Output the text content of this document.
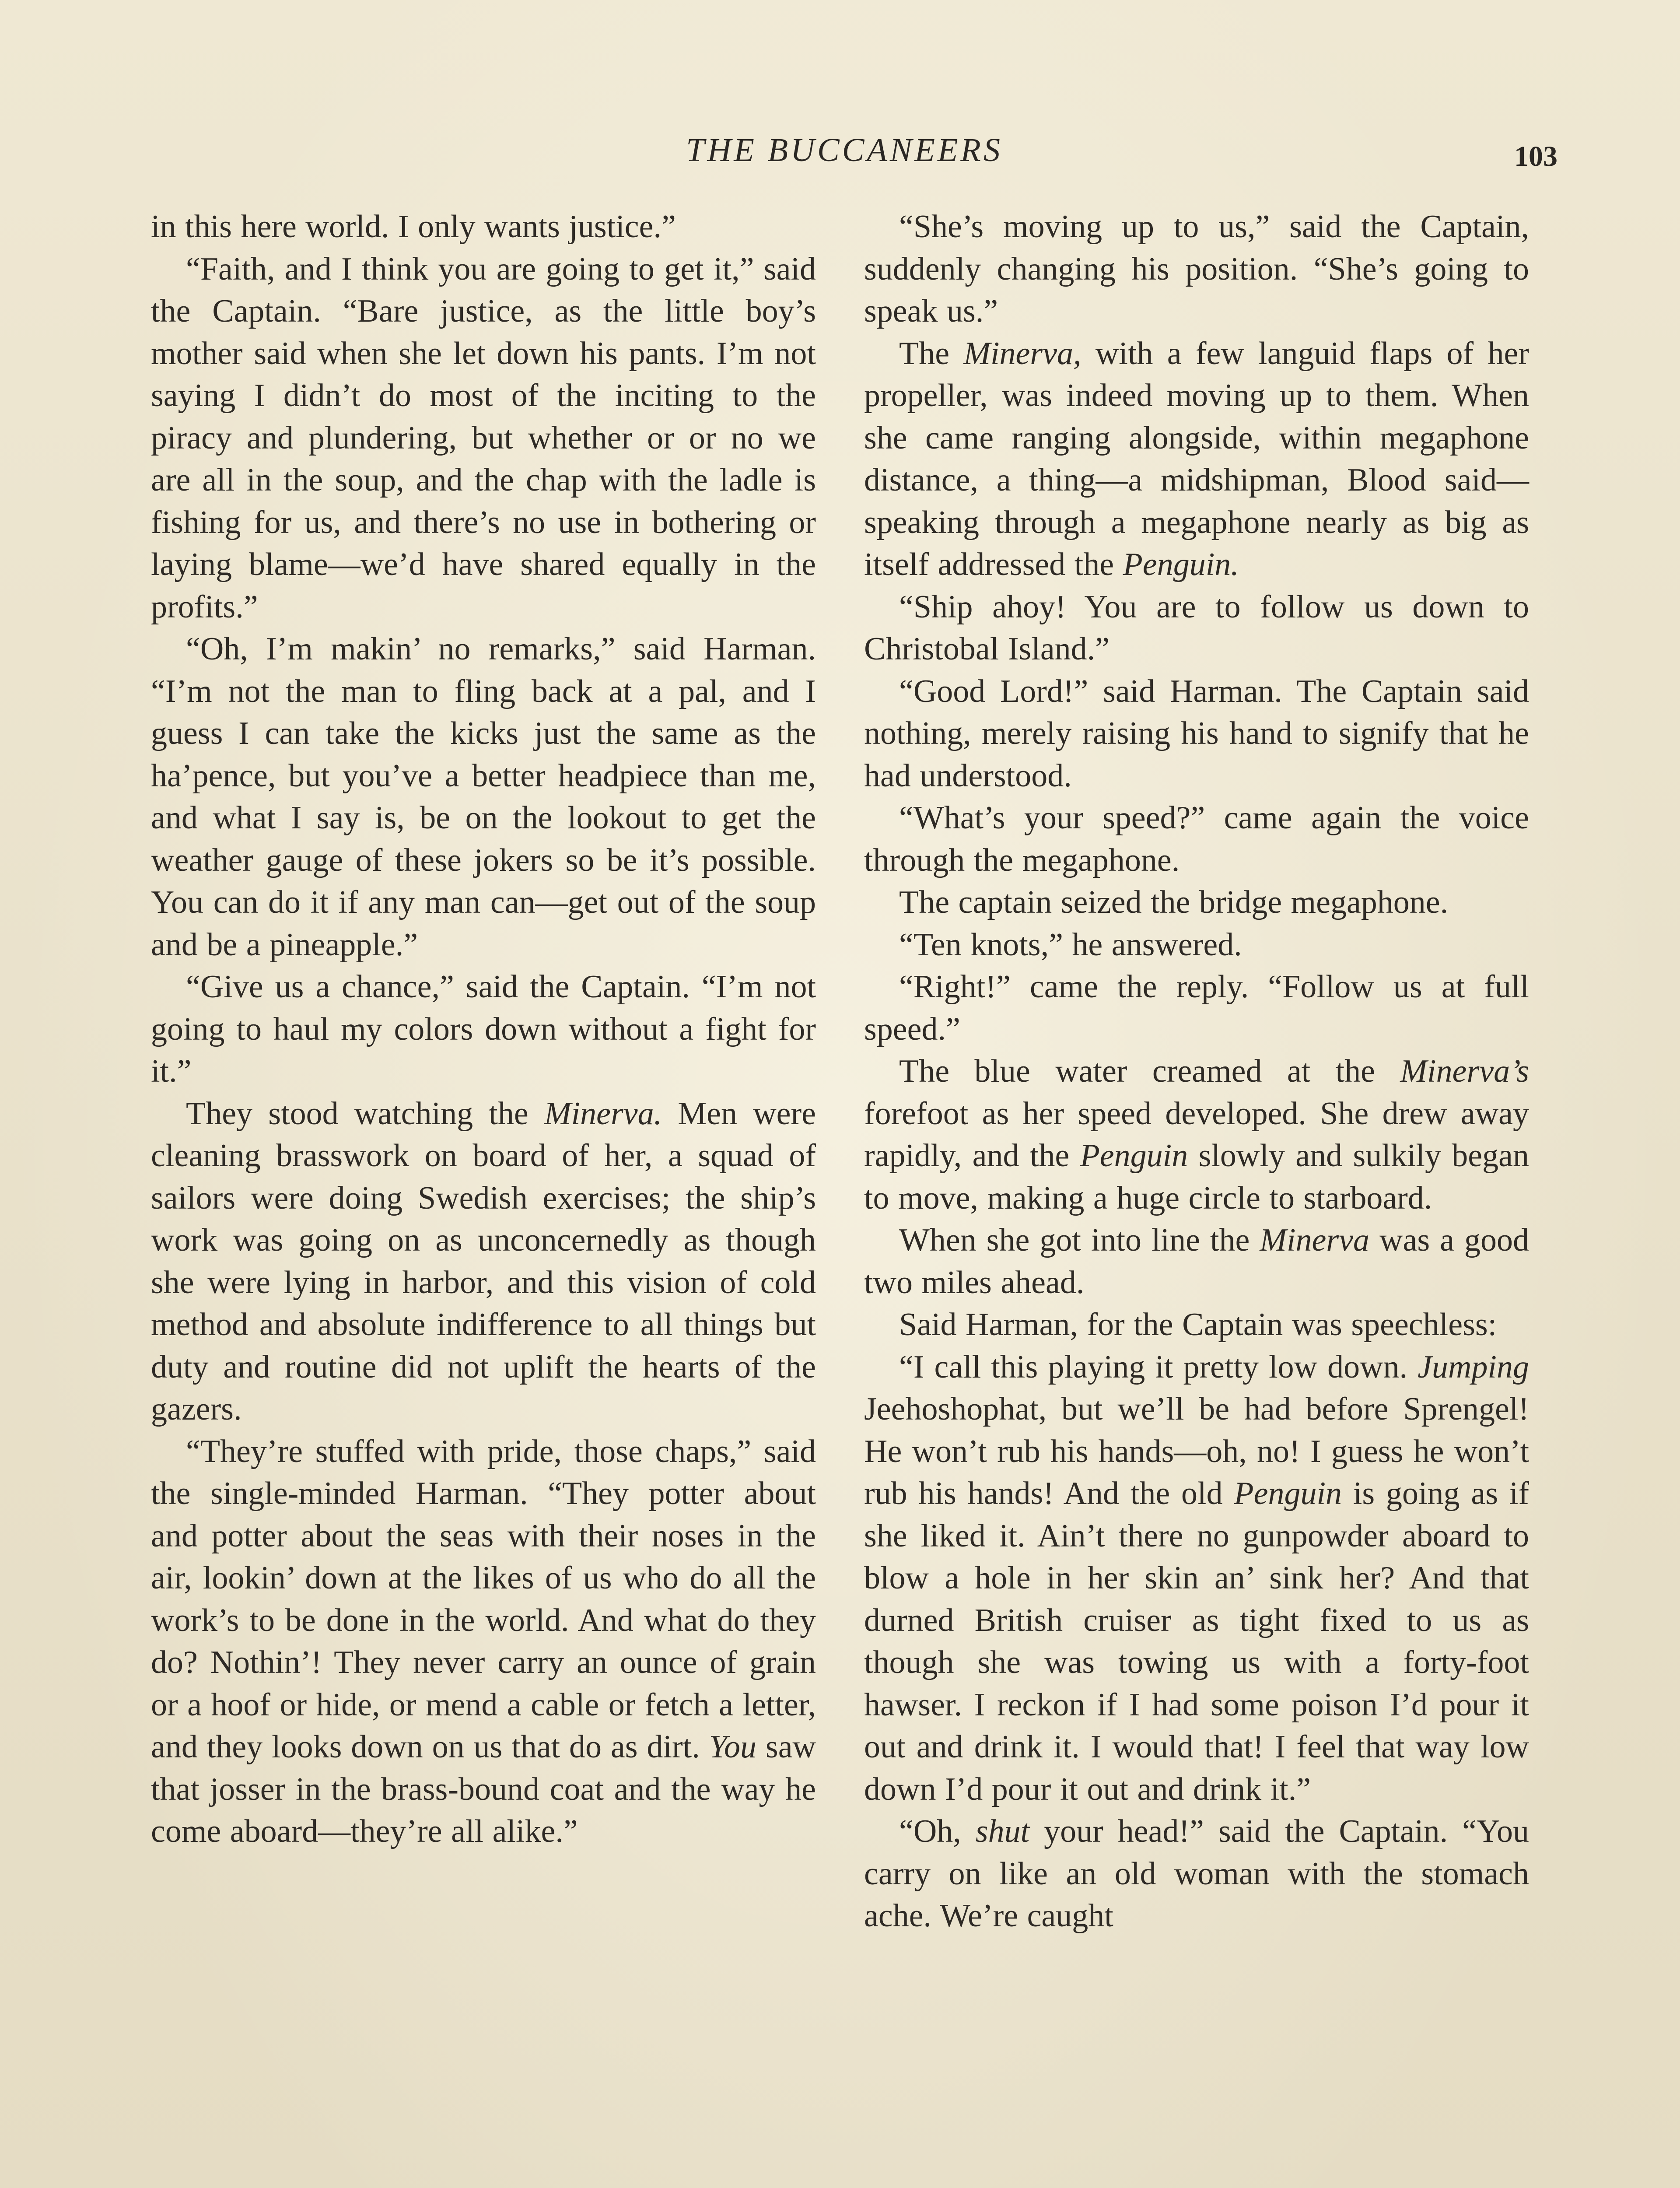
THE BUCCANEERS	103

in this here world. I only wants justice.”

“Faith, and I think you are going to get it,” said the Captain. “Bare justice, as the little boy’s mother said when she let down his pants. I’m not saying I didn’t do most of the inciting to the piracy and plundering, but whether or or no we are all in the soup, and the chap with the ladle is fishing for us, and there’s no use in bothering or laying blame—we’d have shared equally in the profits.”

“Oh, I’m makin’ no remarks,” said Harman. “I’m not the man to fling back at a pal, and I guess I can take the kicks just the same as the ha’pence, but you’ve a better headpiece than me, and what I say is, be on the lookout to get the weather gauge of these jokers so be it’s possible. You can do it if any man can—get out of the soup and be a pineapple.”

“Give us a chance,” said the Captain. “I’m not going to haul my colors down without a fight for it.”

They stood watching the Minerva. Men were cleaning brasswork on board of her, a squad of sailors were doing Swedish exercises; the ship’s work was going on as unconcernedly as though she were lying in harbor, and this vision of cold method and absolute indifference to all things but duty and routine did not uplift the hearts of the gazers.

“They’re stuffed with pride, those chaps,” said the single-minded Harman. “They potter about and potter about the seas with their noses in the air, lookin’ down at the likes of us who do all the work’s to be done in the world. And what do they do? Nothin’! They never carry an ounce of grain or a hoof or hide, or mend a cable or fetch a letter, and they looks down on us that do as dirt. You saw that josser in the brass-bound coat and the way he come aboard—they’re all alike.”

“She’s moving up to us,” said the Captain, suddenly changing his position. “She’s going to speak us.”

The Minerva, with a few languid flaps of her propeller, was indeed moving up to them. When she came ranging alongside, within megaphone distance, a thing—a midshipman, Blood said—speaking through a megaphone nearly as big as itself addressed the Penguin.

“Ship ahoy! You are to follow us down to Christobal Island.”

“Good Lord!” said Harman. The Captain said nothing, merely raising his hand to signify that he had understood.

“What’s your speed?” came again the voice through the megaphone.

The captain seized the bridge megaphone.

“Ten knots,” he answered.

“Right!” came the reply. “Follow us at full speed.”

The blue water creamed at the Minerva’s forefoot as her speed developed. She drew away rapidly, and the Penguin slowly and sulkily began to move, making a huge circle to starboard.

When she got into line the Minerva was a good two miles ahead.

Said Harman, for the Captain was speechless:

“I call this playing it pretty low down. Jumping Jeehoshophat, but we’ll be had before Sprengel! He won’t rub his hands—oh, no! I guess he won’t rub his hands! And the old Penguin is going as if she liked it. Ain’t there no gunpowder aboard to blow a hole in her skin an’ sink her? And that durned British cruiser as tight fixed to us as though she was towing us with a forty-foot hawser. I reckon if I had some poison I’d pour it out and drink it. I would that! I feel that way low down I’d pour it out and drink it.”

“Oh, shut your head!” said the Captain. “You carry on like an old woman with the stomach ache. We’re caught
